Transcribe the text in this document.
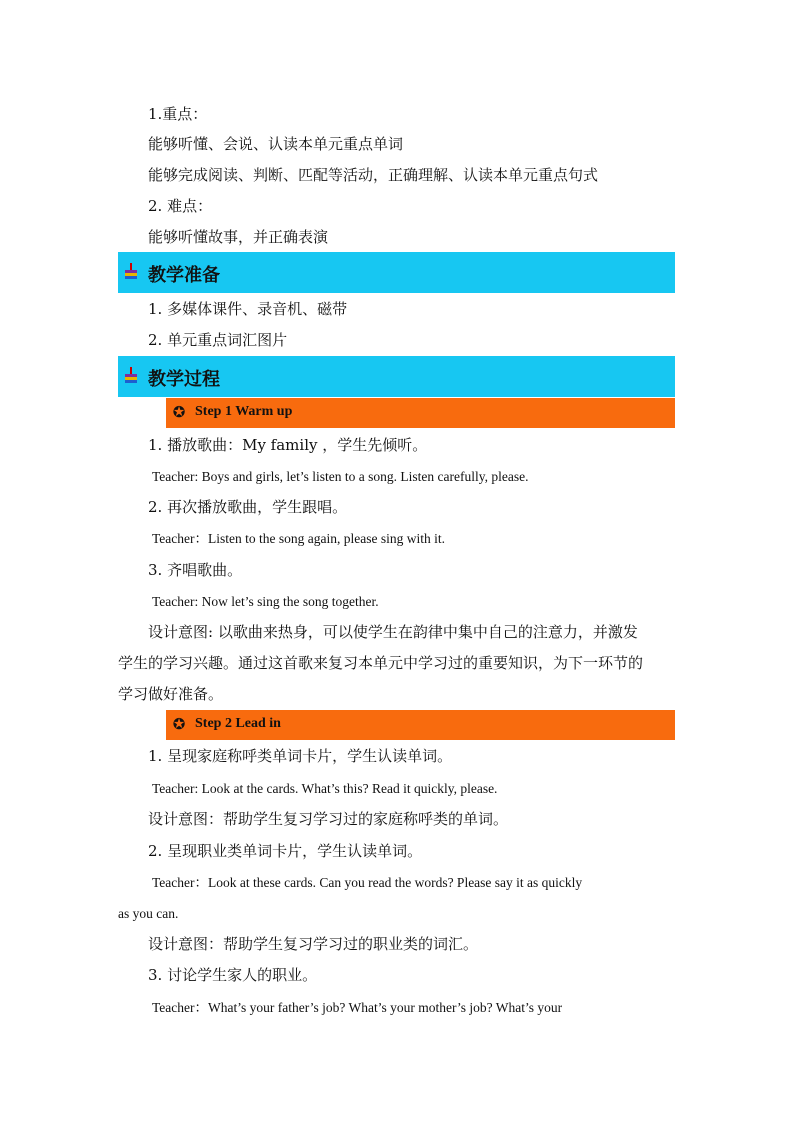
1.重点：
能够听懂、会说、认读本单元重点单词
能够完成阅读、判断、匹配等活动，正确理解、认读本单元重点句式
2. 难点：
能够听懂故事，并正确表演
教学准备
1. 多媒体课件、录音机、磁带
2. 单元重点词汇图片
教学过程
✪ Step 1 Warm up
1. 播放歌曲：My family ，学生先倾听。
Teacher: Boys and girls, let’s listen to a song. Listen carefully, please.
2. 再次播放歌曲，学生跟唱。
Teacher：Listen to the song again, please sing with it.
3. 齐唱歌曲。
Teacher: Now let’s sing the song together.
设计意图: 以歌曲来热身，可以使学生在韵律中集中自己的注意力，并激发
学生的学习兴趣。通过这首歌来复习本单元中学习过的重要知识，为下一环节的
学习做好准备。
✪ Step 2 Lead in
1. 呈现家庭称呼类单词卡片，学生认读单词。
Teacher: Look at the cards. What’s this? Read it quickly, please.
设计意图：帮助学生复习学习过的家庭称呼类的单词。
2. 呈现职业类单词卡片，学生认读单词。
Teacher：Look at these cards. Can you read the words? Please say it as quickly
as you can.
设计意图：帮助学生复习学习过的职业类的词汇。
3. 讨论学生家人的职业。
Teacher：What’s your father’s job? What’s your mother’s job? What’s your
